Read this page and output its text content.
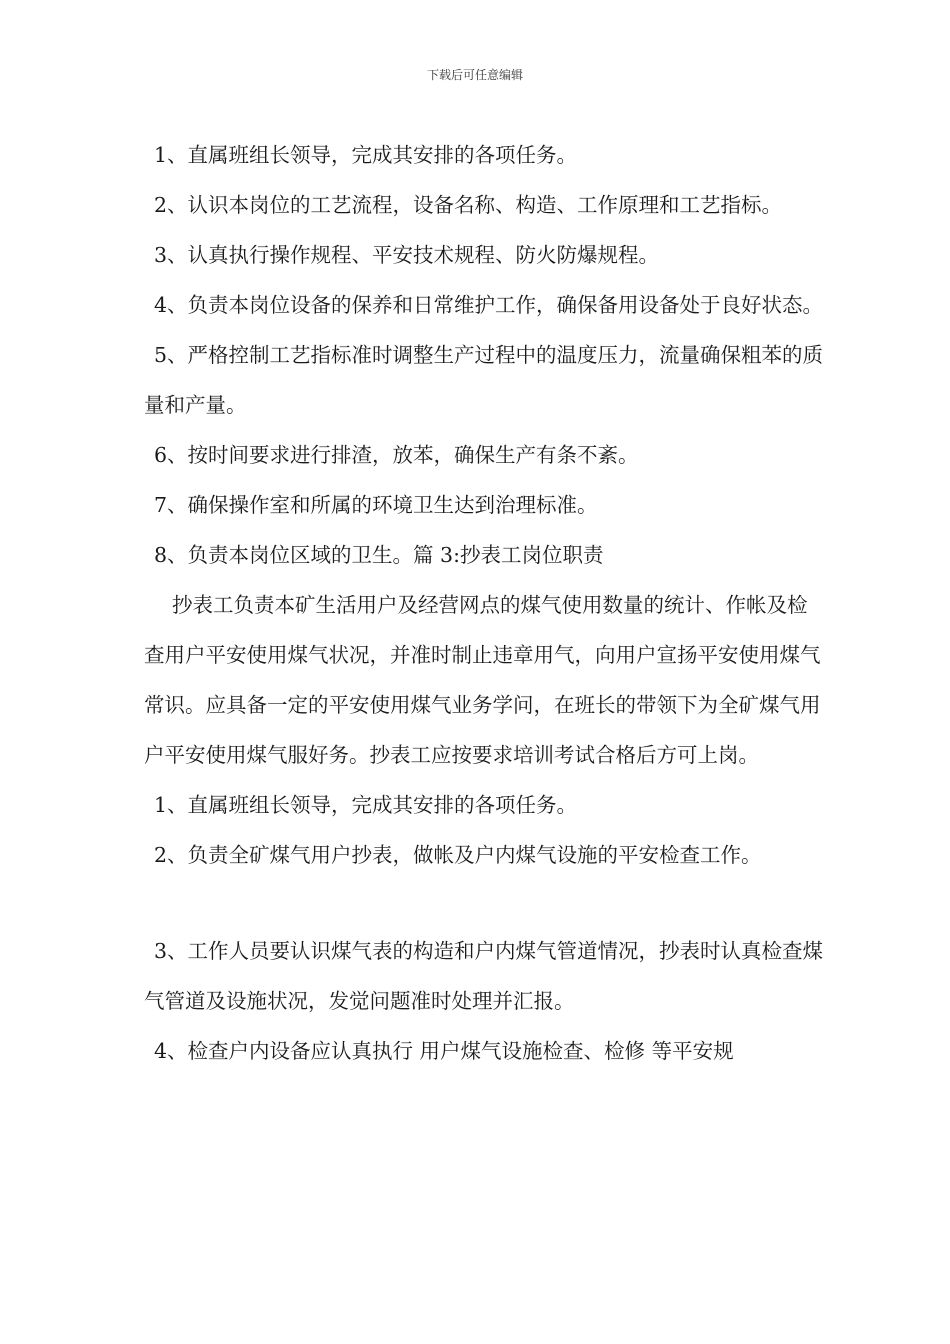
下载后可任意编辑

1、直属班组长领导，完成其安排的各项任务。

2、认识本岗位的工艺流程，设备名称、构造、工作原理和工艺指标。

3、认真执行操作规程、平安技术规程、防火防爆规程。

4、负责本岗位设备的保养和日常维护工作，确保备用设备处于良好状态。

5、严格控制工艺指标准时调整生产过程中的温度压力，流量确保粗苯的质量和产量。

6、按时间要求进行排渣，放苯，确保生产有条不紊。

7、确保操作室和所属的环境卫生达到治理标准。

8、负责本岗位区域的卫生。篇 3:抄表工岗位职责

抄表工负责本矿生活用户及经营网点的煤气使用数量的统计、作帐及检查用户平安使用煤气状况，并准时制止违章用气，向用户宣扬平安使用煤气常识。应具备一定的平安使用煤气业务学问，在班长的带领下为全矿煤气用户平安使用煤气服好务。抄表工应按要求培训考试合格后方可上岗。

1、直属班组长领导，完成其安排的各项任务。

2、负责全矿煤气用户抄表，做帐及户内煤气设施的平安检查工作。

3、工作人员要认识煤气表的构造和户内煤气管道情况，抄表时认真检查煤气管道及设施状况，发觉问题准时处理并汇报。

4、检查户内设备应认真执行 用户煤气设施检查、检修 等平安规
